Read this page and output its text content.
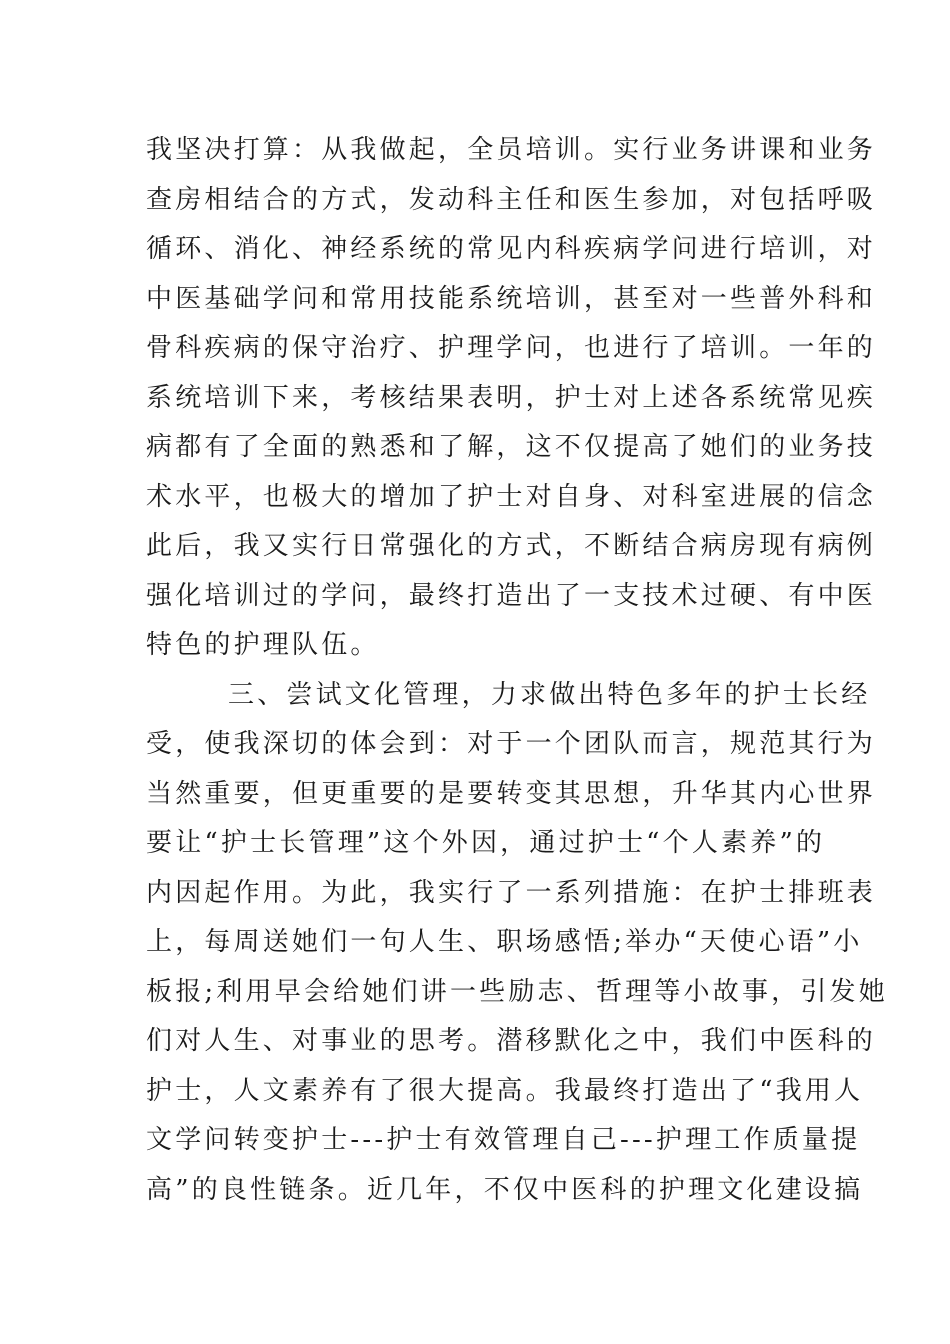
我坚决打算：从我做起，全员培训。实行业务讲课和业务
查房相结合的方式，发动科主任和医生参加，对包括呼吸
循环、消化、神经系统的常见内科疾病学问进行培训，对
中医基础学问和常用技能系统培训，甚至对一些普外科和
骨科疾病的保守治疗、护理学问，也进行了培训。一年的
系统培训下来，考核结果表明，护士对上述各系统常见疾
病都有了全面的熟悉和了解，这不仅提高了她们的业务技
术水平，也极大的增加了护士对自身、对科室进展的信念
此后，我又实行日常强化的方式，不断结合病房现有病例
强化培训过的学问，最终打造出了一支技术过硬、有中医
特色的护理队伍。
三、尝试文化管理，力求做出特色多年的护士长经
受，使我深切的体会到：对于一个团队而言，规范其行为
当然重要，但更重要的是要转变其思想，升华其内心世界
要让“护士长管理”这个外因，通过护士“个人素养”的
内因起作用。为此，我实行了一系列措施：在护士排班表
上，每周送她们一句人生、职场感悟;举办“天使心语”小
板报;利用早会给她们讲一些励志、哲理等小故事，引发她
们对人生、对事业的思考。潜移默化之中，我们中医科的
护士，人文素养有了很大提高。我最终打造出了“我用人
文学问转变护士---护士有效管理自己---护理工作质量提
高”的良性链条。近几年，不仅中医科的护理文化建设搞
